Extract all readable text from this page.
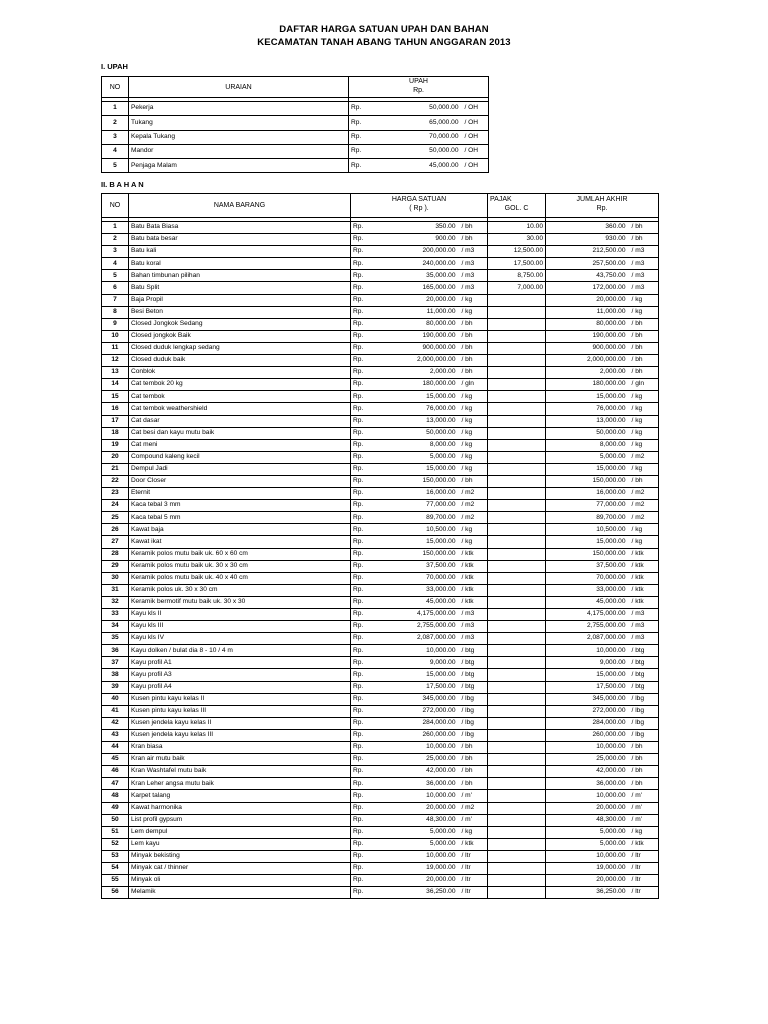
DAFTAR HARGA SATUAN UPAH DAN BAHAN
KECAMATAN TANAH ABANG TAHUN ANGGARAN 2013
I. UPAH
NO	URAIAN	UPAH
Rp.		

1	Pekerja	Rp.	50,000.00	/ OH
2	Tukang	Rp.	65,000.00	/ OH
3	Kepala Tukang	Rp.	70,000.00	/ OH
4	Mandor	Rp.	50,000.00	/ OH
5	Penjaga Malam	Rp.	45,000.00	/ OH
II. B A H A N
NO	NAMA BARANG	HARGA SATUAN
( Rp ).			PAJAK
GOL. C	JUMLAH AKHIR
Rp.	

1	Batu Bata Biasa	Rp.	350.00	/ bh	10.00	360.00	/ bh
2	Batu bata besar	Rp.	900.00	/ bh	30.00	930.00	/ bh
3	Batu kali	Rp.	200,000.00	/ m3	12,500.00	212,500.00	/ m3
4	Batu koral	Rp.	240,000.00	/ m3	17,500.00	257,500.00	/ m3
5	Bahan timbunan pilihan	Rp.	35,000.00	/ m3	8,750.00	43,750.00	/ m3
6	Batu Split	Rp.	165,000.00	/ m3	7,000.00	172,000.00	/ m3
7	Baja Propil	Rp.	20,000.00	/ kg		20,000.00	/ kg
8	Besi Beton	Rp.	11,000.00	/ kg		11,000.00	/ kg
9	Closed Jongkok Sedang	Rp.	80,000.00	/ bh		80,000.00	/ bh
10	Closed jongkok Baik	Rp.	190,000.00	/ bh		190,000.00	/ bh
11	Closed duduk lengkap sedang	Rp.	900,000.00	/ bh		900,000.00	/ bh
12	Closed duduk baik	Rp.	2,000,000.00	/ bh		2,000,000.00	/ bh
13	Conblok	Rp.	2,000.00	/ bh		2,000.00	/ bh
14	Cat tembok 20 kg	Rp.	180,000.00	/ gln		180,000.00	/ gln
15	Cat tembok	Rp.	15,000.00	/ kg		15,000.00	/ kg
16	Cat tembok weathershield	Rp.	76,000.00	/ kg		76,000.00	/ kg
17	Cat dasar	Rp.	13,000.00	/ kg		13,000.00	/ kg
18	Cat besi dan kayu mutu baik	Rp.	50,000.00	/ kg		50,000.00	/ kg
19	Cat meni	Rp.	8,000.00	/ kg		8,000.00	/ kg
20	Compound kaleng kecil	Rp.	5,000.00	/ kg		5,000.00	/ m2
21	Dempul Jadi	Rp.	15,000.00	/ kg		15,000.00	/ kg
22	Door Closer	Rp.	150,000.00	/ bh		150,000.00	/ bh
23	Eternit	Rp.	16,000.00	/ m2		16,000.00	/ m2
24	Kaca tebal 3 mm	Rp.	77,000.00	/ m2		77,000.00	/ m2
25	Kaca tebal 5 mm	Rp.	89,700.00	/ m2		89,700.00	/ m2
26	Kawat baja	Rp.	10,500.00	/ kg		10,500.00	/ kg
27	Kawat ikat	Rp.	15,000.00	/ kg		15,000.00	/ kg
28	Keramik polos mutu baik uk. 60 x 60 cm	Rp.	150,000.00	/ ktk		150,000.00	/ ktk
29	Keramik polos mutu baik uk. 30 x 30 cm	Rp.	37,500.00	/ ktk		37,500.00	/ ktk
30	Keramik polos mutu baik uk. 40 x 40 cm	Rp.	70,000.00	/ ktk		70,000.00	/ ktk
31	Keramik polos uk. 30 x 30 cm	Rp.	33,000.00	/ ktk		33,000.00	/ ktk
32	Keramik bermotif mutu baik uk. 30 x 30	Rp.	45,000.00	/ ktk		45,000.00	/ ktk
33	Kayu kls II	Rp.	4,175,000.00	/ m3		4,175,000.00	/ m3
34	Kayu kls III	Rp.	2,755,000.00	/ m3		2,755,000.00	/ m3
35	Kayu kls IV	Rp.	2,087,000.00	/ m3		2,087,000.00	/ m3
36	Kayu dolken / bulat dia 8 - 10 / 4 m	Rp.	10,000.00	/ btg		10,000.00	/ btg
37	Kayu profil A1	Rp.	9,000.00	/ btg		9,000.00	/ btg
38	Kayu profil A3	Rp.	15,000.00	/ btg		15,000.00	/ btg
39	Kayu profil A4	Rp.	17,500.00	/ btg		17,500.00	/ btg
40	Kusen pintu kayu kelas II	Rp.	345,000.00	/ lbg		345,000.00	/ lbg
41	Kusen pintu kayu kelas III	Rp.	272,000.00	/ lbg		272,000.00	/ lbg
42	Kusen jendela kayu kelas II	Rp.	284,000.00	/ lbg		284,000.00	/ lbg
43	Kusen jendela kayu kelas III	Rp.	260,000.00	/ lbg		260,000.00	/ lbg
44	Kran biasa	Rp.	10,000.00	/ bh		10,000.00	/ bh
45	Kran air mutu baik	Rp.	25,000.00	/ bh		25,000.00	/ bh
46	Kran Washtafel mutu baik	Rp.	42,000.00	/ bh		42,000.00	/ bh
47	Kran Leher angsa mutu baik	Rp.	36,000.00	/ bh		36,000.00	/ bh
48	Karpet talang	Rp.	10,000.00	/ m'		10,000.00	/ m'
49	Kawat harmonika	Rp.	20,000.00	/ m2		20,000.00	/ m'
50	List profil gypsum	Rp.	48,300.00	/ m'		48,300.00	/ m'
51	Lem dempul	Rp.	5,000.00	/ kg		5,000.00	/ kg
52	Lem kayu	Rp.	5,000.00	/ ktk		5,000.00	/ ktk
53	Minyak bekisting	Rp.	10,000.00	/ ltr		10,000.00	/ ltr
54	Minyak cat / thinner	Rp.	19,000.00	/ ltr		19,000.00	/ ltr
55	Minyak oli	Rp.	20,000.00	/ ltr		20,000.00	/ ltr
56	Melamik	Rp.	36,250.00	/ ltr		36,250.00	/ ltr
